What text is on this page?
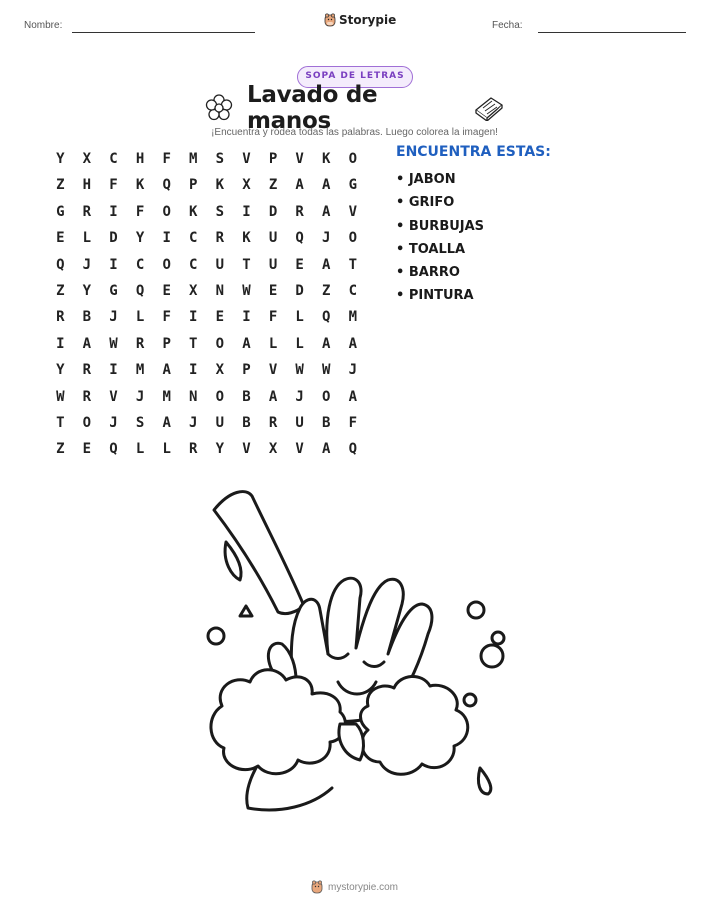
Nombre:	Storypie	Fecha:
SOPA DE LETRAS
Lavado de manos
¡Encuentra y rodea todas las palabras. Luego colorea la imagen!
Y	X	C	H	F	M	S	V	P	V	K	O
Z	H	F	K	Q	P	K	X	Z	A	A	G
G	R	I	F	O	K	S	I	D	R	A	V
E	L	D	Y	I	C	R	K	U	Q	J	O
Q	J	I	C	O	C	U	T	U	E	A	T
Z	Y	G	Q	E	X	N	W	E	D	Z	C
R	B	J	L	F	I	E	I	F	L	Q	M
I	A	W	R	P	T	O	A	L	L	A	A
Y	R	I	M	A	I	X	P	V	W	W	J
W	R	V	J	M	N	O	B	A	J	O	A
T	O	J	S	A	J	U	B	R	U	B	F
Z	E	Q	L	L	R	Y	V	X	V	A	Q
ENCUENTRA ESTAS:
• JABON
• GRIFO
• BURBUJAS
• TOALLA
• BARRO
• PINTURA
mystorypie.com
